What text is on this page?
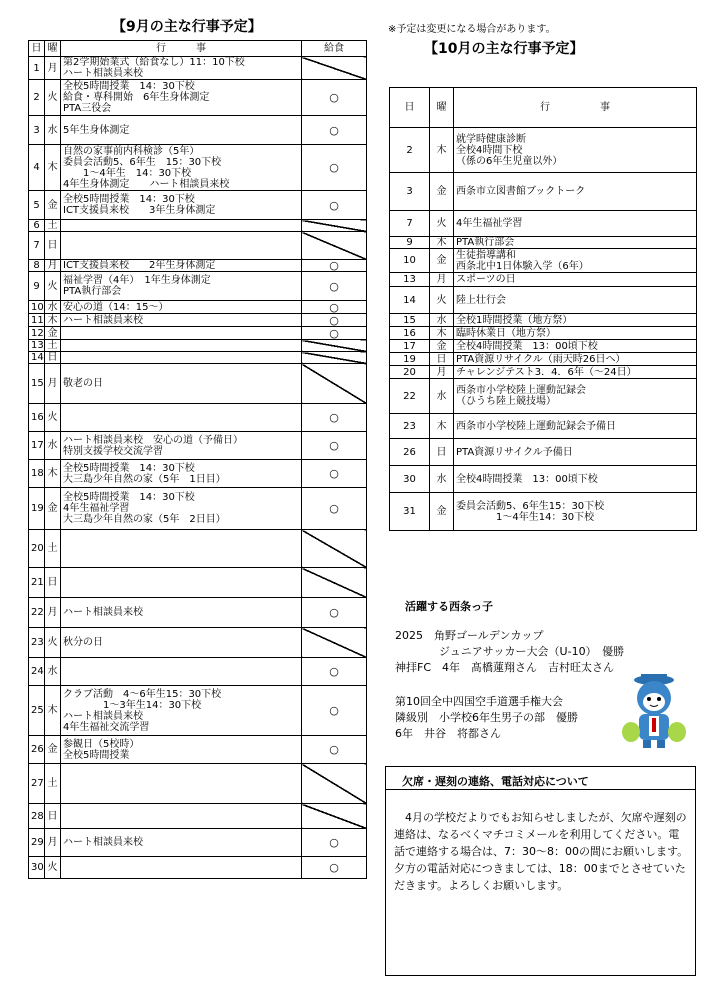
【9月の主な行事予定】	※予定は変更になる場合があります。
日	曜	行　　　事	給食
1	月	第2学期始業式（給食なし）11：10下校
ハート相談員来校	
2	火	全校5時間授業　14：30下校
給食・専科開始　6年生身体測定
PTA三役会	○
3	水	5年生身体測定	○
4	木	自然の家事前内科検診（5年）
委員会活動5、6年生　15：30下校
　　1～4年生　14：30下校
4年生身体測定　　ハート相談員来校	○
5	金	全校5時間授業　14：30下校
ICT支援員来校　　3年生身体測定	○
6	土		
7	日		
8	月	ICT支援員来校　　2年生身体測定	○
9	火	福祉学習（4年）　1年生身体測定
PTA執行部会	○
10	水	安心の道（14：15～）	○
11	木	ハート相談員来校	○
12	金		○
13	土		
14	日		
15	月	敬老の日	
16	火		○
17	水	ハート相談員来校　安心の道（予備日）
特別支援学校交流学習	○
18	木	全校5時間授業　14：30下校
大三島少年自然の家（5年　1日目）	○
19	金	全校5時間授業　14：30下校
4年生福祉学習
大三島少年自然の家（5年　2日目）	○
20	土		
21	日		
22	月	ハート相談員来校	○
23	火	秋分の日	
24	水		○
25	木	クラブ活動　4～6年生15：30下校
　　　　1～3年生14：30下校
ハート相談員来校
4年生福祉交流学習	○
26	金	参観日（5校時）
全校5時間授業	○
27	土		
28	日		
29	月	ハート相談員来校	○
30	火		○
【10月の主な行事予定】
日	曜	行　　　　　事
2	木	就学時健康診断
全校4時間下校
（係の6年生児童以外）
3	金	西条市立図書館ブックトーク
7	火	4年生福祉学習
9	木	PTA執行部会
10	金	生徒指導講和
西条北中1日体験入学（6年）
13	月	スポーツの日
14	火	陸上壮行会
15	水	全校1時間授業（地方祭）
16	木	臨時休業日（地方祭）
17	金	全校4時間授業　13：00頃下校
19	日	PTA資源リサイクル（雨天時26日へ）
20	月	チャレンジテスト3．4．6年（～24日）
22	水	西条市小学校陸上運動記録会
（ひうち陸上競技場）
23	木	西条市小学校陸上運動記録会予備日
26	日	PTA資源リサイクル予備日
30	水	全校4時間授業　13：00頃下校
31	金	委員会活動5、6年生15：30下校
　　　　1～4年生14：30下校
活躍する西条っ子
2025　角野ゴールデンカップ
　　　　ジュニアサッカー大会（U-10）　優勝
神拝FC　4年　髙橋蓮翔さん　吉村旺太さん
第10回全中四国空手道選手権大会
隣級別　小学校6年生男子の部　優勝
6年　井谷　将都さん
欠席・遅刻の連絡、電話対応について
　4月の学校だよりでもお知らせしましたが、欠席や遅刻の連絡は、なるべくマチコミメールを利用してください。電話で連絡する場合は、7：30～8：00の間にお願いします。夕方の電話対応につきましては、18：00までとさせていただきます。よろしくお願いします。
